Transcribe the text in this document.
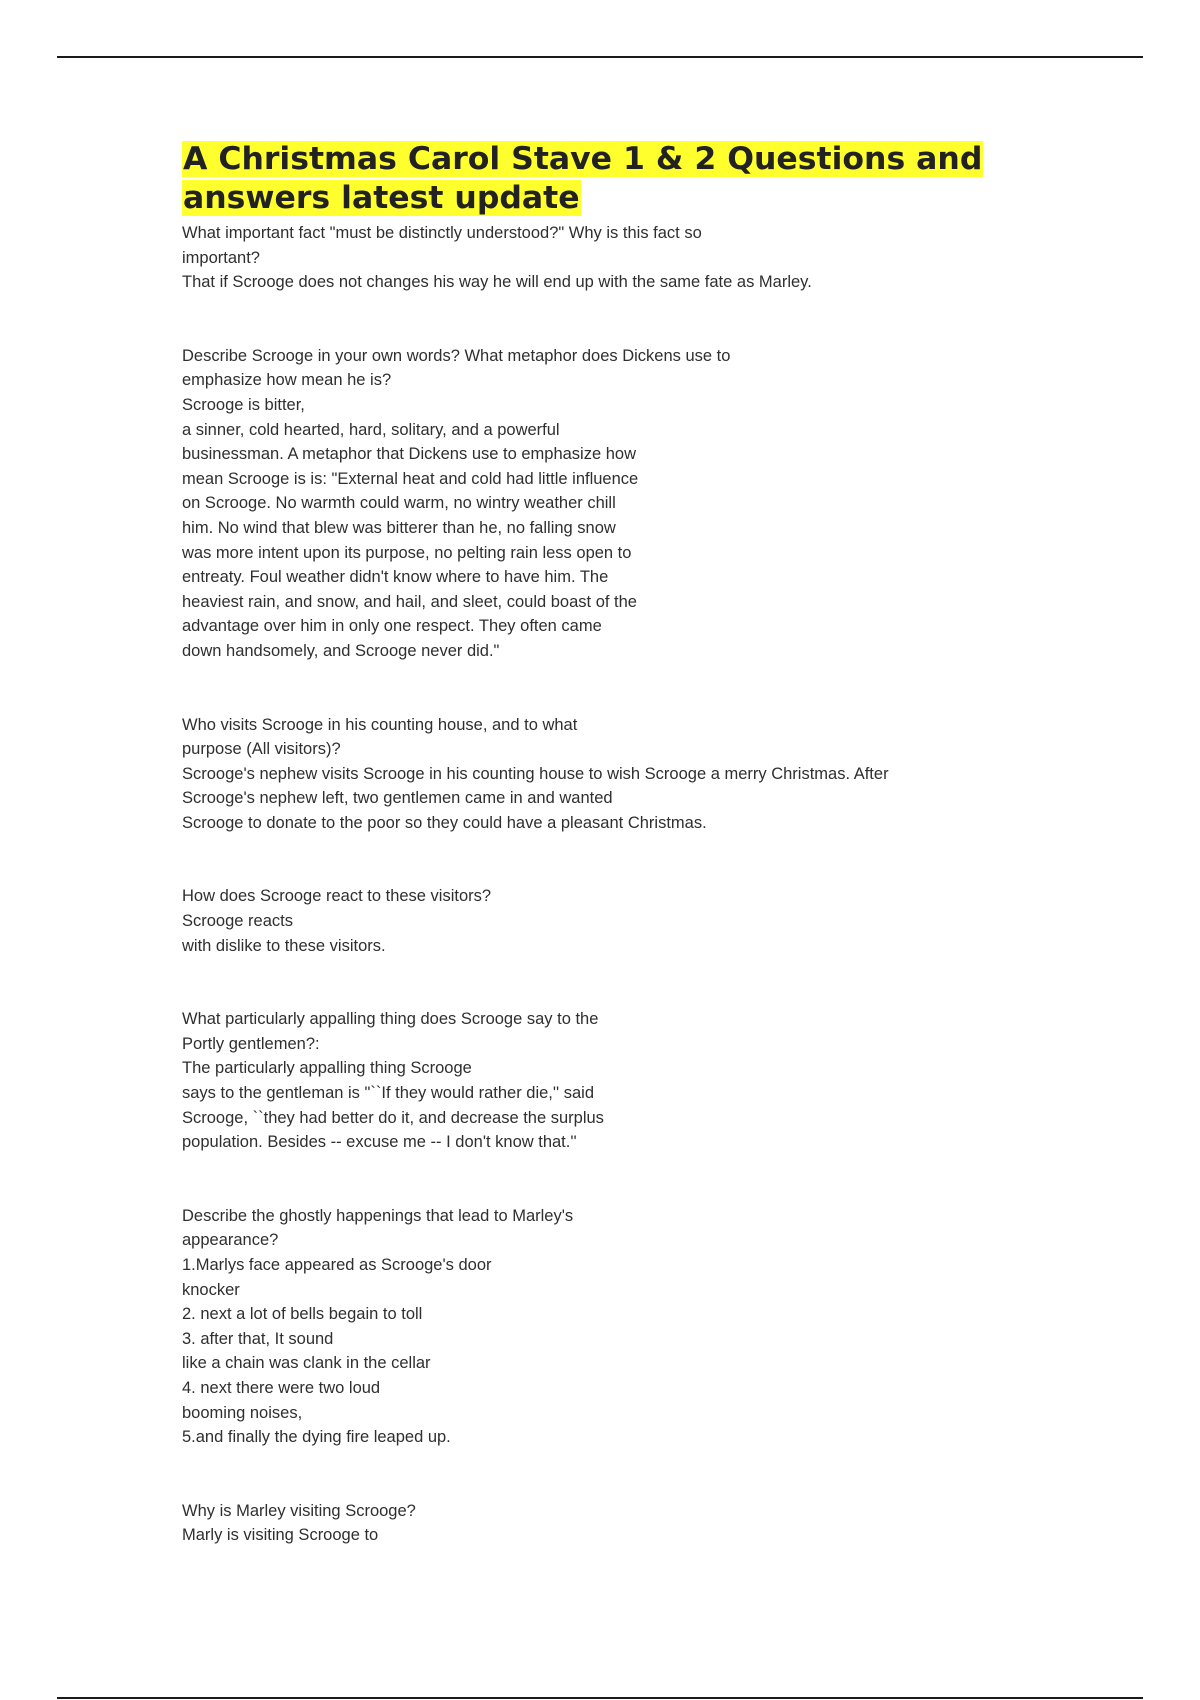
A Christmas Carol Stave 1 & 2 Questions and
answers latest update
What important fact "must be distinctly understood?" Why is this fact so
important?
That if Scrooge does not changes his way he will end up with the same fate as Marley.
Describe Scrooge in your own words? What metaphor does Dickens use to
emphasize how mean he is?
Scrooge is bitter,
a sinner, cold hearted, hard, solitary, and a powerful
businessman. A metaphor that Dickens use to emphasize how
mean Scrooge is is: "External heat and cold had little influence
on Scrooge. No warmth could warm, no wintry weather chill
him. No wind that blew was bitterer than he, no falling snow
was more intent upon its purpose, no pelting rain less open to
entreaty. Foul weather didn't know where to have him. The
heaviest rain, and snow, and hail, and sleet, could boast of the
advantage over him in only one respect. They often came
down handsomely, and Scrooge never did."
Who visits Scrooge in his counting house, and to what
purpose (All visitors)?
Scrooge's nephew visits Scrooge in his counting house to wish Scrooge a merry Christmas. After
Scrooge's nephew left, two gentlemen came in and wanted
Scrooge to donate to the poor so they could have a pleasant Christmas.
How does Scrooge react to these visitors?
Scrooge reacts
with dislike to these visitors.
What particularly appalling thing does Scrooge say to the
Portly gentlemen?:
The particularly appalling thing Scrooge
says to the gentleman is "``If they would rather die,'' said
Scrooge, ``they had better do it, and decrease the surplus
population. Besides -- excuse me -- I don't know that.''
Describe the ghostly happenings that lead to Marley's
appearance?
1.Marlys face appeared as Scrooge's door
knocker
2. next a lot of bells begain to toll
3. after that, It sound
like a chain was clank in the cellar
4. next there were two loud
booming noises,
5.and finally the dying fire leaped up.
Why is Marley visiting Scrooge?
Marly is visiting Scrooge to
